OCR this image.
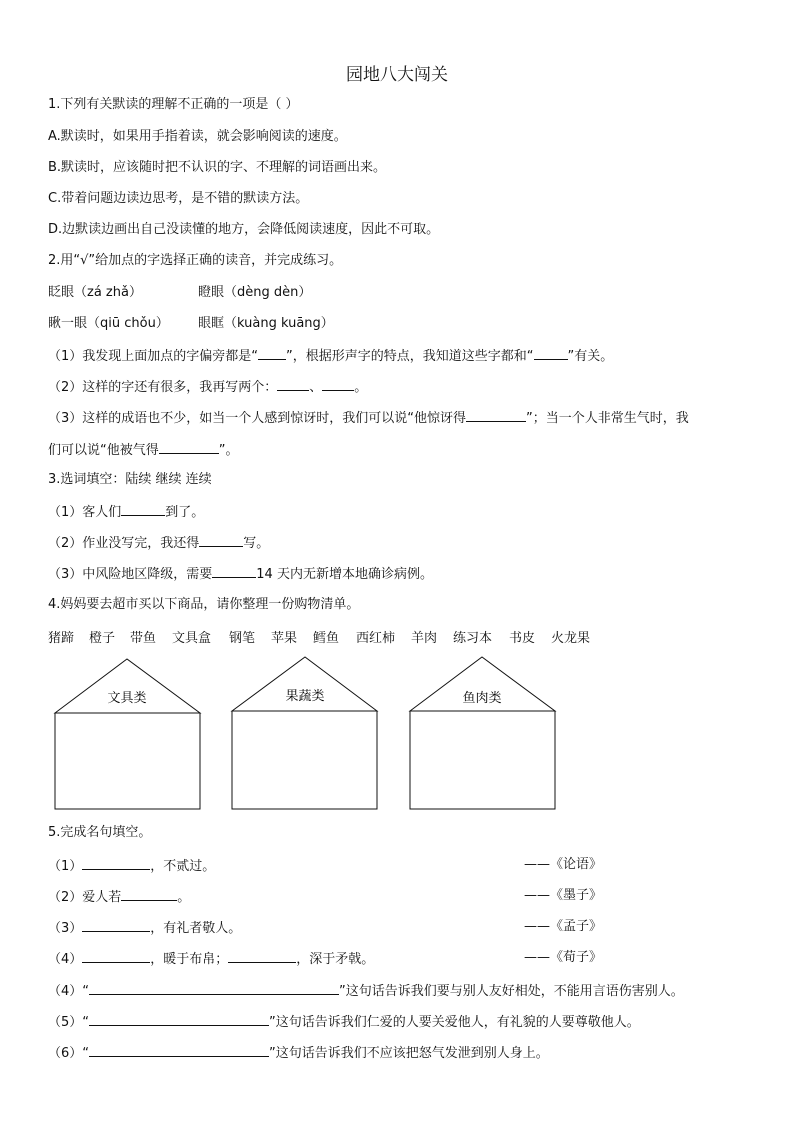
园地八大闯关
1.下列有关默读的理解不正确的一项是（ ）
A.默读时，如果用手指着读，就会影响阅读的速度。
B.默读时，应该随时把不认识的字、不理解的词语画出来。
C.带着问题边读边思考，是不错的默读方法。
D.边默读边画出自己没读懂的地方，会降低阅读速度，因此不可取。
2.用“√”给加点的字选择正确的读音，并完成练习。
眨眼（zá zhǎ）	瞪眼（dèng dèn）
瞅一眼（qiū chǒu） 眼眶（kuàng kuāng）
（1）我发现上面加点的字偏旁都是“ ”，根据形声字的特点，我知道这些字都和“	”有关。
（2）这样的字还有很多，我再写两个： 、 。
（3）这样的成语也不少，如当一个人感到惊讶时，我们可以说“他惊讶得	”；当一个人非常生气时，我
们可以说“他被气得	”。
3.选词填空：陆续 继续 连续
（1）客人们	到了。
（2）作业没写完，我还得	写。
（3）中风险地区降级，需要	14 天内无新增本地确诊病例。
4.妈妈要去超市买以下商品，请你整理一份购物清单。
猪蹄 橙子 带鱼 文具盒 钢笔 苹果 鳕鱼 西红柿 羊肉 练习本 书皮 火龙果
文具类	果蔬类	鱼肉类
5.完成名句填空。
（1）	，不贰过。	——《论语》
（2）爱人若	。	——《墨子》
（3）	，有礼者敬人。	——《孟子》
（4）	，暖于布帛；	，深于矛戟。	——《荀子》
（4）“	”这句话告诉我们要与别人友好相处，不能用言语伤害别人。
（5）“	”这句话告诉我们仁爱的人要关爱他人，有礼貌的人要尊敬他人。
（6）“	”这句话告诉我们不应该把怒气发泄到别人身上。
